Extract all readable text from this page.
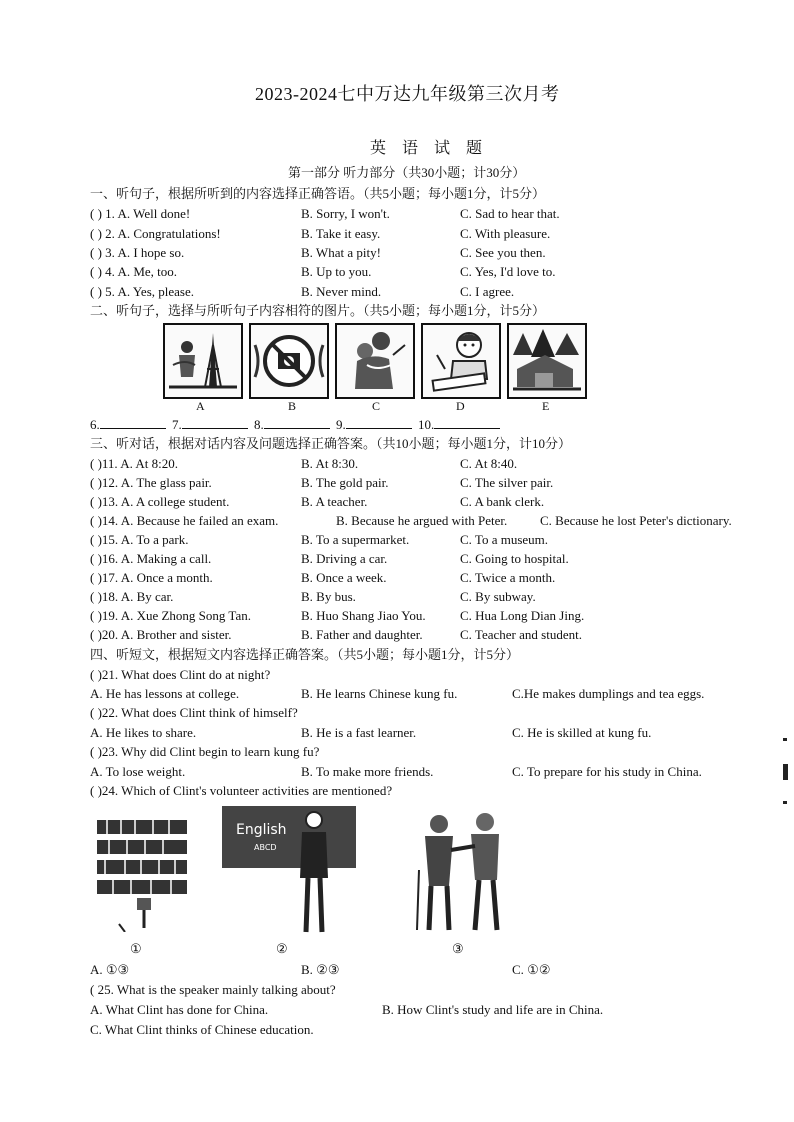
2023-2024七中万达九年级第三次月考
英 语 试 题
第一部分 听力部分（共30小题；计30分）
一、听句子，根据所听到的内容选择正确答语。（共5小题；每小题1分，计5分）
( ) 1. A. Well done!	B. Sorry, I won't.	C. Sad to hear that.
( ) 2. A. Congratulations!	B. Take it easy.	C. With pleasure.
( ) 3. A. I hope so.	B. What a pity!	C. See you then.
( ) 4. A. Me, too.	B. Up to you.	C. Yes, I'd love to.
( ) 5. A. Yes, please.	B. Never mind.	C. I agree.
二、听句子，选择与所听句子内容相符的图片。（共5小题；每小题1分，计5分）
A	B	C	D	E
6.	7.	8.	9.	10.
三、听对话，根据对话内容及问题选择正确答案。（共10小题；每小题1分，计10分）
( )11. A. At 8:20.	B. At 8:30.	C. At 8:40.
( )12. A. The glass pair.	B. The gold pair.	C. The silver pair.
( )13. A. A college student.	B. A teacher.	C. A bank clerk.
( )14. A. Because he failed an exam.	B. Because he argued with Peter.	C. Because he lost Peter's dictionary.
( )15. A. To a park.	B. To a supermarket.	C. To a museum.
( )16. A. Making a call.	B. Driving a car.	C. Going to hospital.
( )17. A. Once a month.	B. Once a week.	C. Twice a month.
( )18. A. By car.	B. By bus.	C. By subway.
( )19. A. Xue Zhong Song Tan.	B. Huo Shang Jiao You.	C. Hua Long Dian Jing.
( )20. A. Brother and sister.	B. Father and daughter.	C. Teacher and student.
四、听短文，根据短文内容选择正确答案。（共5小题；每小题1分，计5分）
( )21. What does Clint do at night?
A. He has lessons at college.	B. He learns Chinese kung fu.	C.He makes dumplings and tea eggs.
( )22. What does Clint think of himself?
A. He likes to share.	B. He is a fast learner.	C. He is skilled at kung fu.
( )23. Why did Clint begin to learn kung fu?
A. To lose weight.	B. To make more friends.	C. To prepare for his study in China.
( )24. Which of Clint's volunteer activities are mentioned?
English
ABCD
①	②	③
A. ①③	B. ②③	C. ①②
( 25. What is the speaker mainly talking about?
A. What Clint has done for China.	B. How Clint's study and life are in China.
C. What Clint thinks of Chinese education.
